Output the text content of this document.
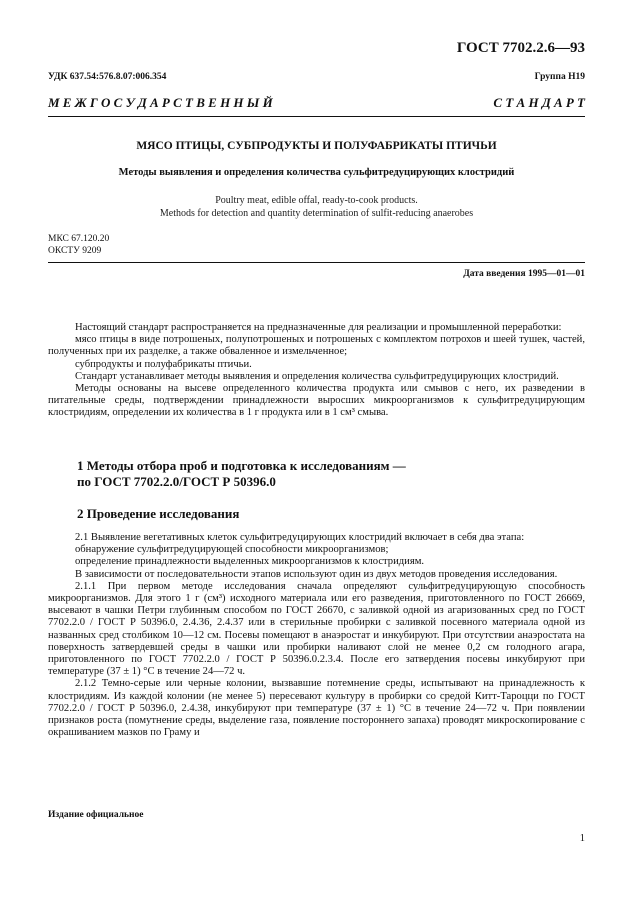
ГОСТ 7702.2.6—93
УДК 637.54:576.8.07:006.354	Группа Н19
М Е Ж Г О С У Д А Р С Т В Е Н Н Ы Й	С Т А Н Д А Р Т
МЯСО ПТИЦЫ, СУБПРОДУКТЫ И ПОЛУФАБРИКАТЫ ПТИЧЬИ
Методы выявления и определения количества сульфитредуцирующих клостридий
Poultry meat, edible offal, ready-to-cook products.
Methods for detection and quantity determination of sulfit-reducing anaerobes
МКС 67.120.20
ОКСТУ 9209
Дата введения 1995—01—01

Настоящий стандарт распространяется на предназначенные для реализации и промышленной переработки:

мясо птицы в виде потрошеных, полупотрошеных и потрошеных с комплектом потрохов и шеей тушек, частей, полученных при их разделке, а также обваленное и измельченное;

субпродукты и полуфабрикаты птичьи.

Стандарт устанавливает методы выявления и определения количества сульфитредуцирующих клостридий.

Методы основаны на высеве определенного количества продукта или смывов с него, их разведении в питательные среды, подтверждении принадлежности выросших микроорганизмов к сульфитредуцирующим клостридиям, определении их количества в 1 г продукта или в 1 см³ смыва.

1 Методы отбора проб и подготовка к исследованиям —
по ГОСТ 7702.2.0/ГОСТ Р 50396.0
2 Проведение исследования

2.1 Выявление вегетативных клеток сульфитредуцирующих клостридий включает в себя два этапа:

обнаружение сульфитредуцирующей способности микроорганизмов;

определение принадлежности выделенных микроорганизмов к клостридиям.

В зависимости от последовательности этапов используют один из двух методов проведения исследования.

2.1.1 При первом методе исследования сначала определяют сульфитредуцирующую способность микроорганизмов. Для этого 1 г (см³) исходного материала или его разведения, приготовленного по ГОСТ 26669, высевают в чашки Петри глубинным способом по ГОСТ 26670, с заливкой одной из агаризованных сред по ГОСТ 7702.2.0 / ГОСТ Р 50396.0, 2.4.36, 2.4.37 или в стерильные пробирки с заливкой посевного материала одной из названных сред столбиком 10—12 см. Посевы помещают в анаэростат и инкубируют. При отсутствии анаэростата на поверхность затвердевшей среды в чашки или пробирки наливают слой не менее 0,2 см голодного агара, приготовленного по ГОСТ 7702.2.0 / ГОСТ Р 50396.0.2.3.4. После его затвердения посевы инкубируют при температуре (37 ± 1) °С в течение 24—72 ч.

2.1.2 Темно-серые или черные колонии, вызвавшие потемнение среды, испытывают на принадлежность к клостридиям. Из каждой колонии (не менее 5) пересевают культуру в пробирки со средой Китт-Тароцци по ГОСТ 7702.2.0 / ГОСТ Р 50396.0, 2.4.38, инкубируют при температуре (37 ± 1) °С в течение 24—72 ч. При появлении признаков роста (помутнение среды, выделение газа, появление постороннего запаха) проводят микроскопирование с окрашиванием мазков по Граму и

Издание официальное
1
